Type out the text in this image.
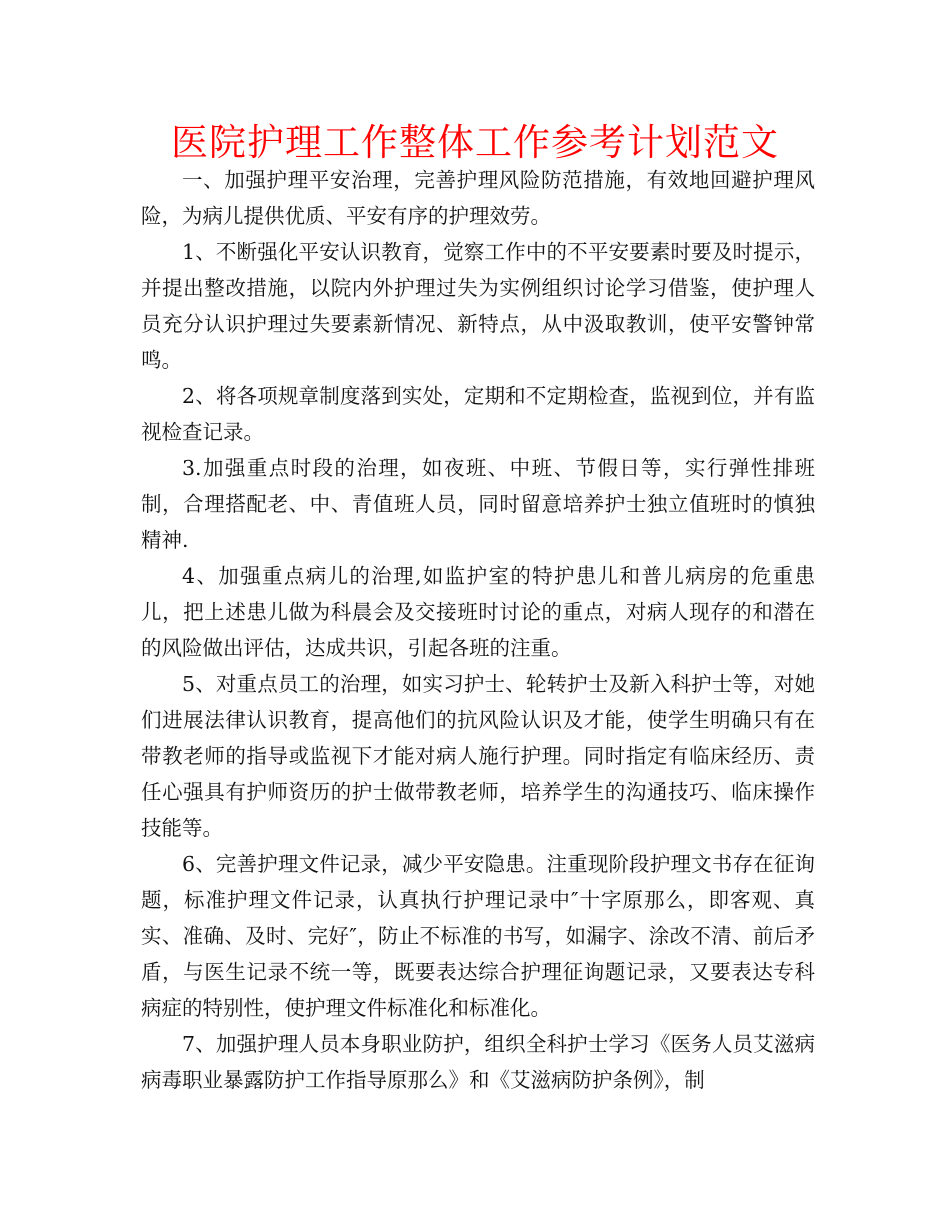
医院护理工作整体工作参考计划范文

一、加强护理平安治理，完善护理风险防范措施，有效地回避护理风险，为病儿提供优质、平安有序的护理效劳。

1、不断强化平安认识教育，觉察工作中的不平安要素时要及时提示，并提出整改措施，以院内外护理过失为实例组织讨论学习借鉴，使护理人员充分认识护理过失要素新情况、新特点，从中汲取教训，使平安警钟常鸣。

2、将各项规章制度落到实处，定期和不定期检查，监视到位，并有监视检查记录。

3.加强重点时段的治理，如夜班、中班、节假日等，实行弹性排班制，合理搭配老、中、青值班人员，同时留意培养护士独立值班时的慎独精神.

4、加强重点病儿的治理,如监护室的特护患儿和普儿病房的危重患儿，把上述患儿做为科晨会及交接班时讨论的重点，对病人现存的和潜在的风险做出评估，达成共识，引起各班的注重。

5、对重点员工的治理，如实习护士、轮转护士及新入科护士等，对她们进展法律认识教育，提高他们的抗风险认识及才能，使学生明确只有在带教老师的指导或监视下才能对病人施行护理。同时指定有临床经历、责任心强具有护师资历的护士做带教老师，培养学生的沟通技巧、临床操作技能等。

6、完善护理文件记录，减少平安隐患。注重现阶段护理文书存在征询题，标准护理文件记录，认真执行护理记录中″十字原那么，即客观、真实、准确、及时、完好″，防止不标准的书写，如漏字、涂改不清、前后矛盾，与医生记录不统一等，既要表达综合护理征询题记录，又要表达专科病症的特别性，使护理文件标准化和标准化。

7、加强护理人员本身职业防护，组织全科护士学习《医务人员艾滋病病毒职业暴露防护工作指导原那么》和《艾滋病防护条例》，制
